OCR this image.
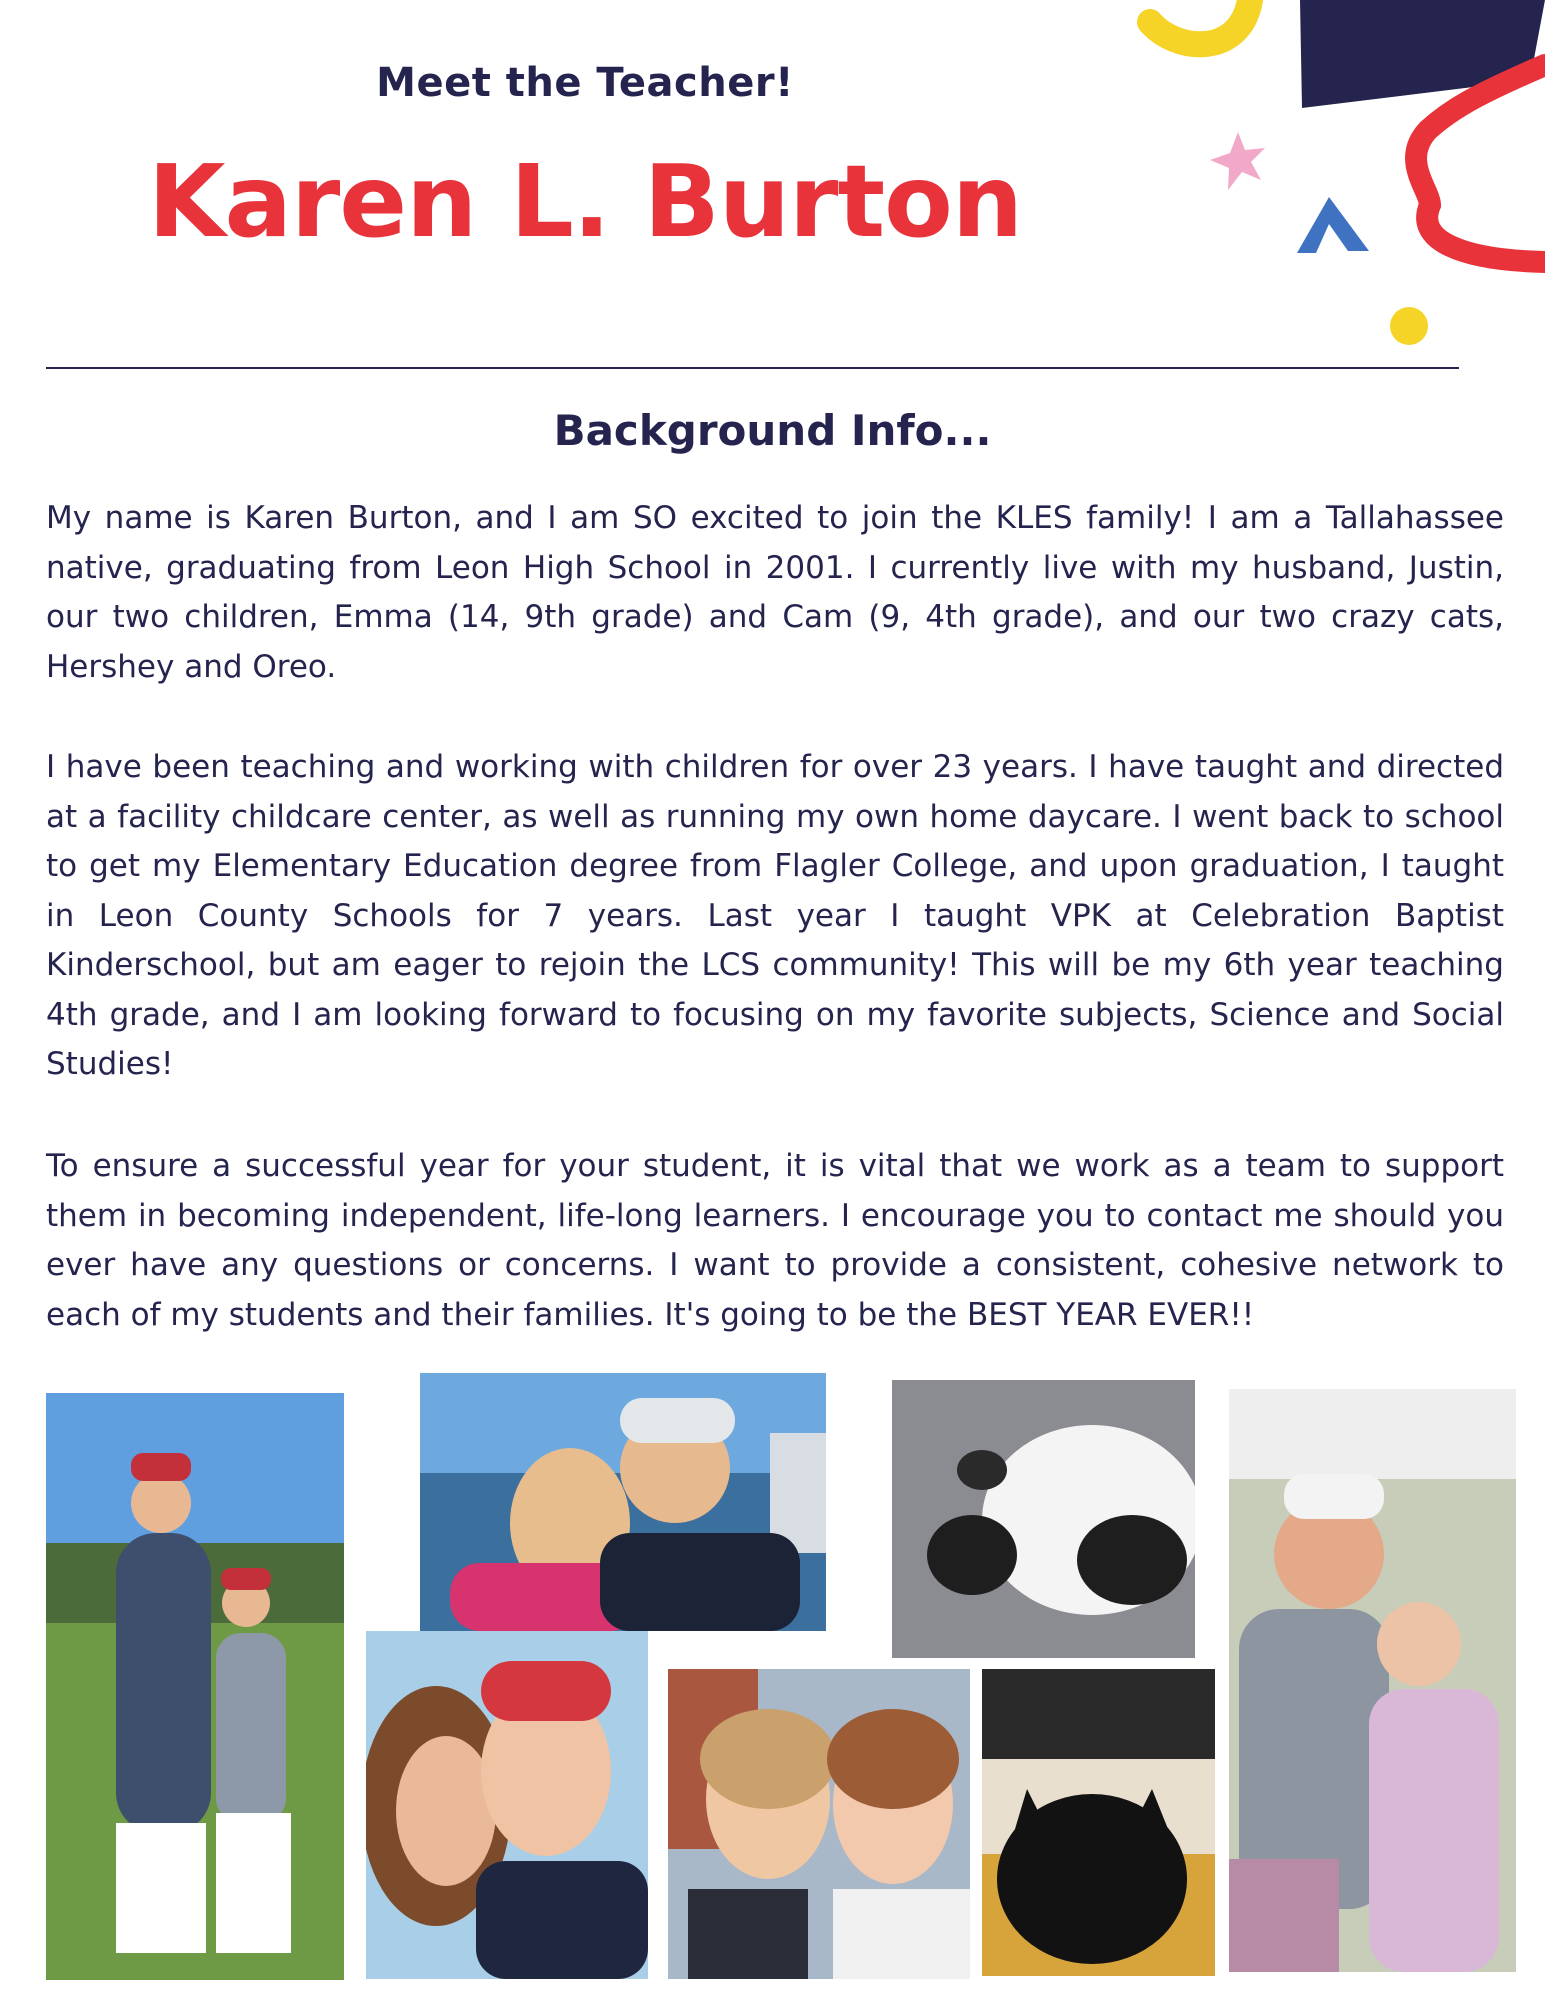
Meet the Teacher!
Karen L. Burton
Background Info...

My name is Karen Burton, and I am SO excited to join the KLES family! I am a Tallahassee native, graduating from Leon High School in 2001. I currently live with my husband, Justin, our two children, Emma (14, 9th grade) and Cam (9, 4th grade), and our two crazy cats, Hershey and Oreo.

I have been teaching and working with children for over 23 years. I have taught and directed at a facility childcare center, as well as running my own home daycare. I went back to school to get my Elementary Education degree from Flagler College, and upon graduation, I taught in Leon County Schools for 7 years. Last year I taught VPK at Celebration Baptist Kinderschool, but am eager to rejoin the LCS community! This will be my 6th year teaching 4th grade, and I am looking forward to focusing on my favorite subjects, Science and Social Studies!

To ensure a successful year for your student, it is vital that we work as a team to support them in becoming independent, life-long learners. I encourage you to contact me should you ever have any questions or concerns. I want to provide a consistent, cohesive network to each of my students and their families. It's going to be the BEST YEAR EVER!!
